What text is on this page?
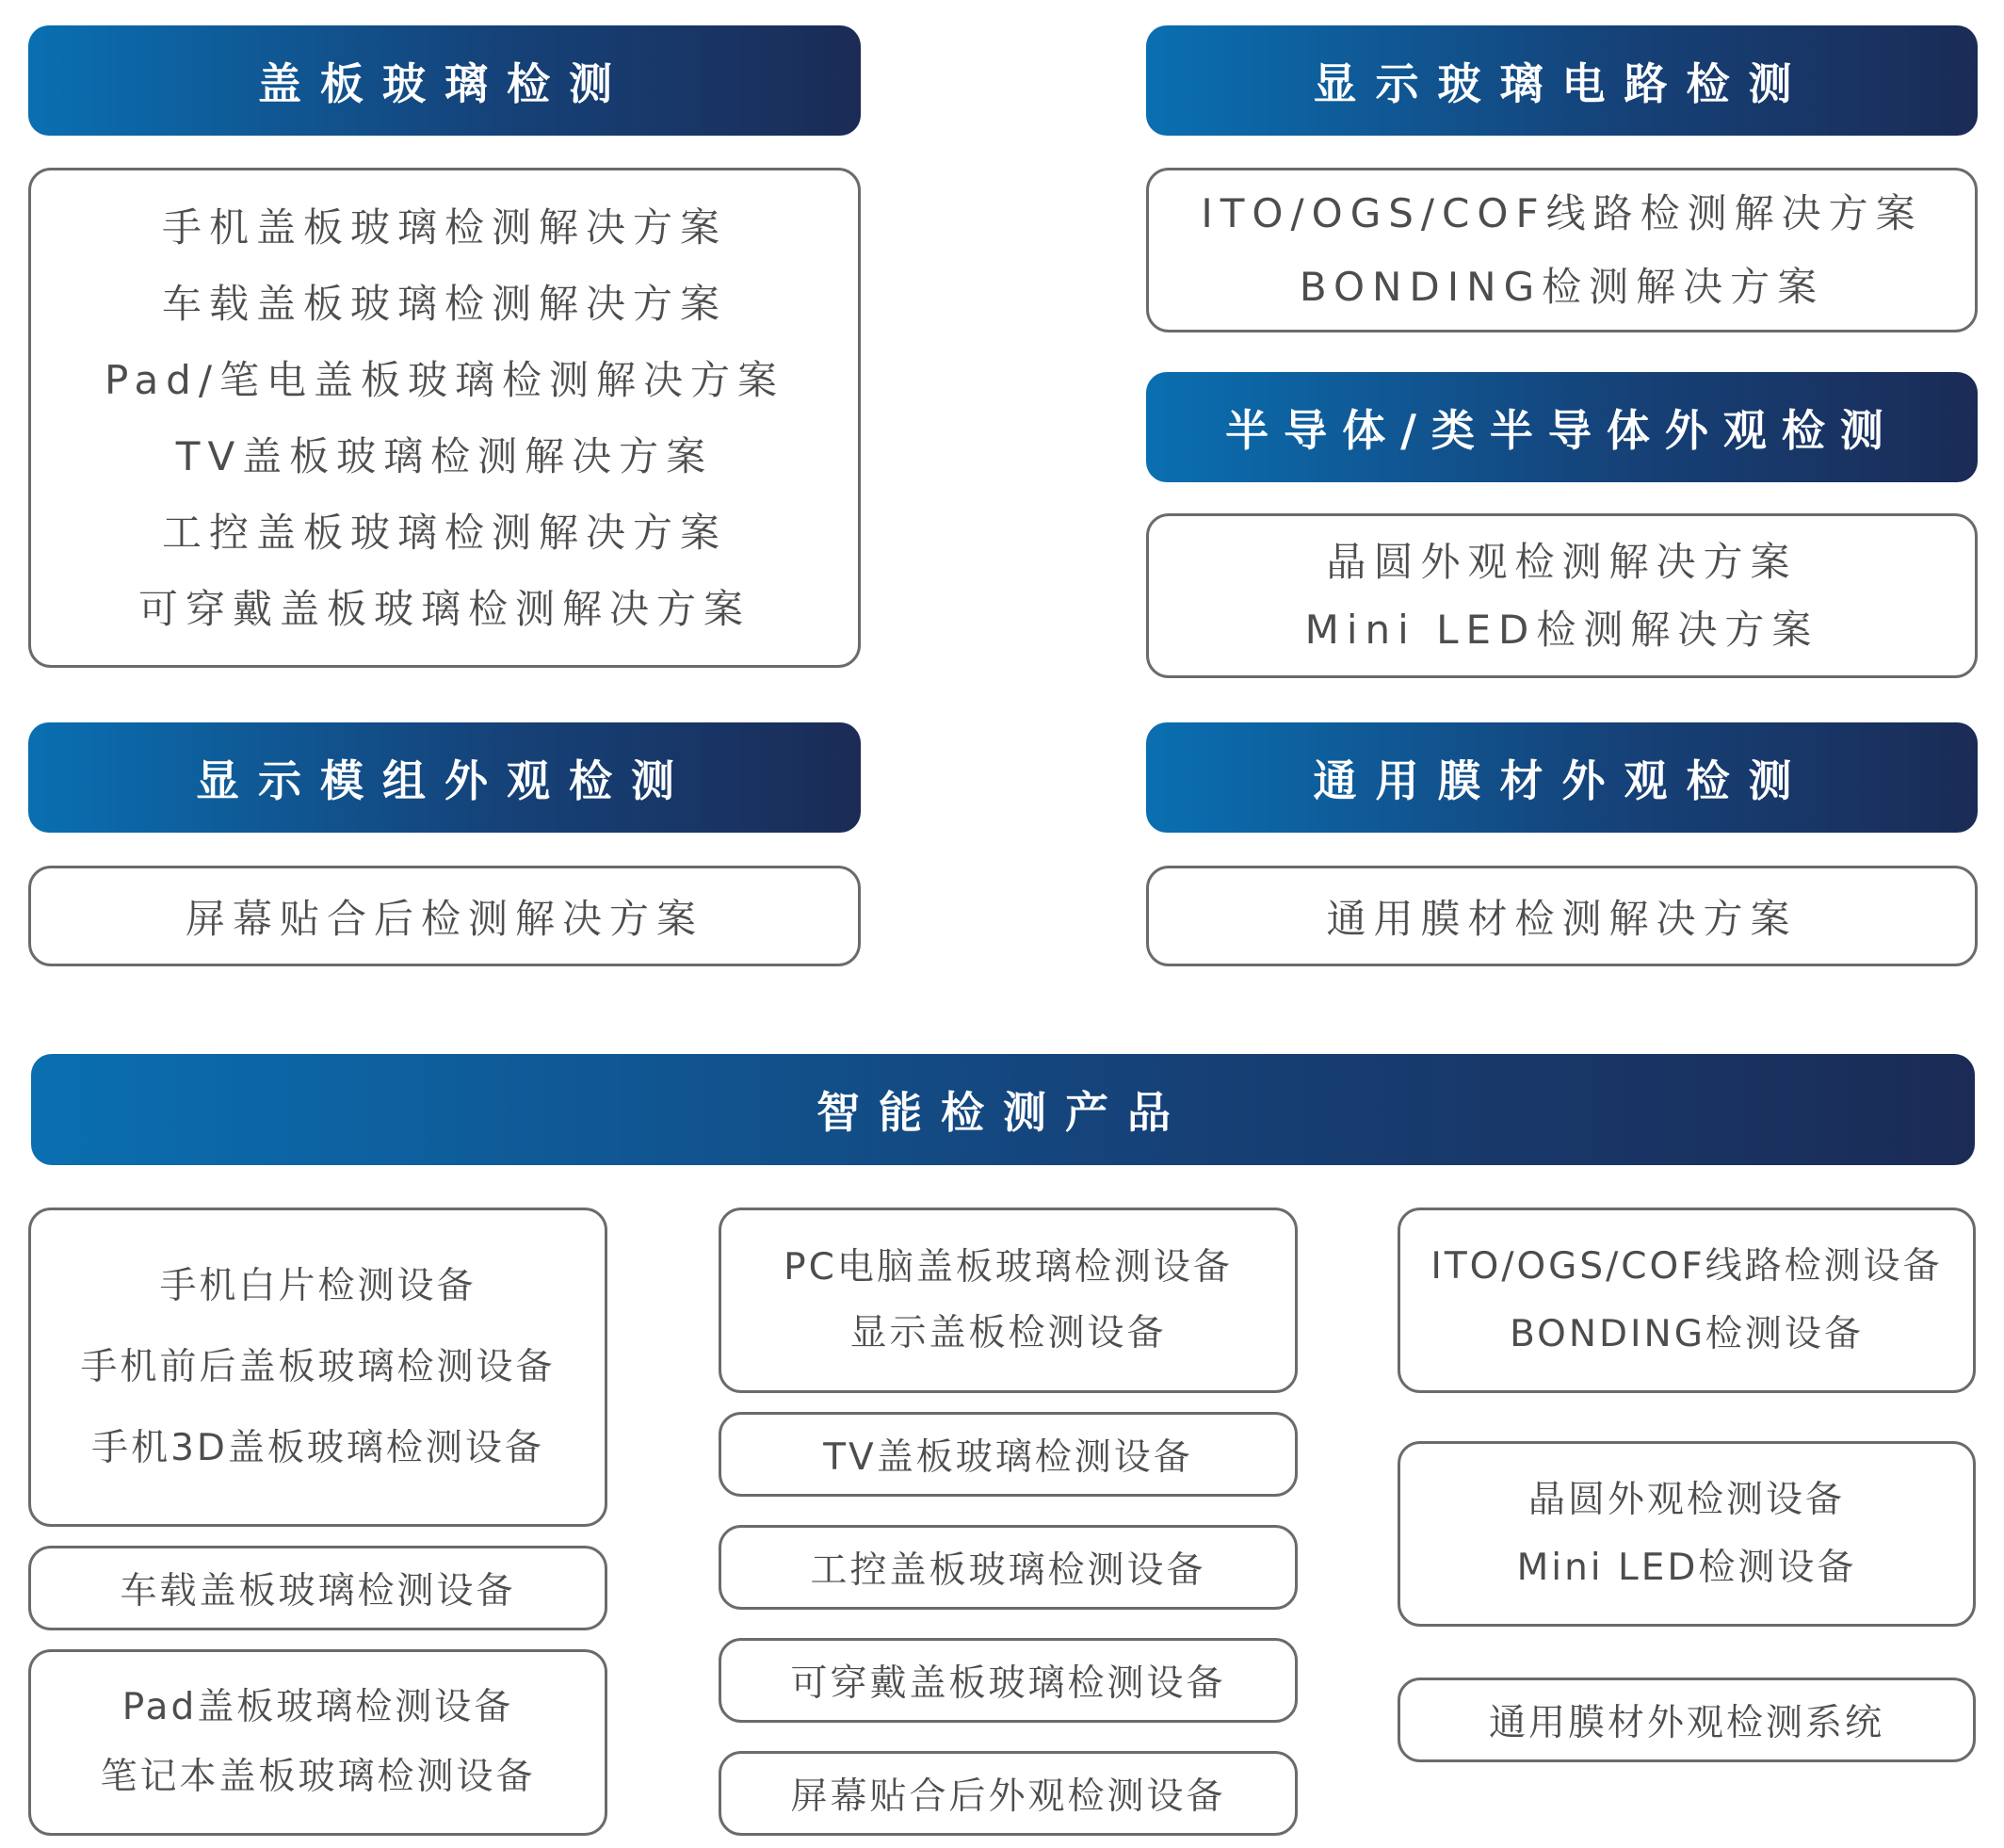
盖板玻璃检测
手机盖板玻璃检测解决方案
车载盖板玻璃检测解决方案
Pad/笔电盖板玻璃检测解决方案
TV盖板玻璃检测解决方案
工控盖板玻璃检测解决方案
可穿戴盖板玻璃检测解决方案
显示玻璃电路检测
ITO/OGS/COF线路检测解决方案
BONDING检测解决方案
半导体/类半导体外观检测
晶圆外观检测解决方案
Mini LED检测解决方案
显示模组外观检测
屏幕贴合后检测解决方案
通用膜材外观检测
通用膜材检测解决方案
智能检测产品
手机白片检测设备
手机前后盖板玻璃检测设备
手机3D盖板玻璃检测设备
车载盖板玻璃检测设备
Pad盖板玻璃检测设备
笔记本盖板玻璃检测设备
PC电脑盖板玻璃检测设备
显示盖板检测设备
TV盖板玻璃检测设备
工控盖板玻璃检测设备
可穿戴盖板玻璃检测设备
屏幕贴合后外观检测设备
ITO/OGS/COF线路检测设备
BONDING检测设备
晶圆外观检测设备
Mini LED检测设备
通用膜材外观检测系统
